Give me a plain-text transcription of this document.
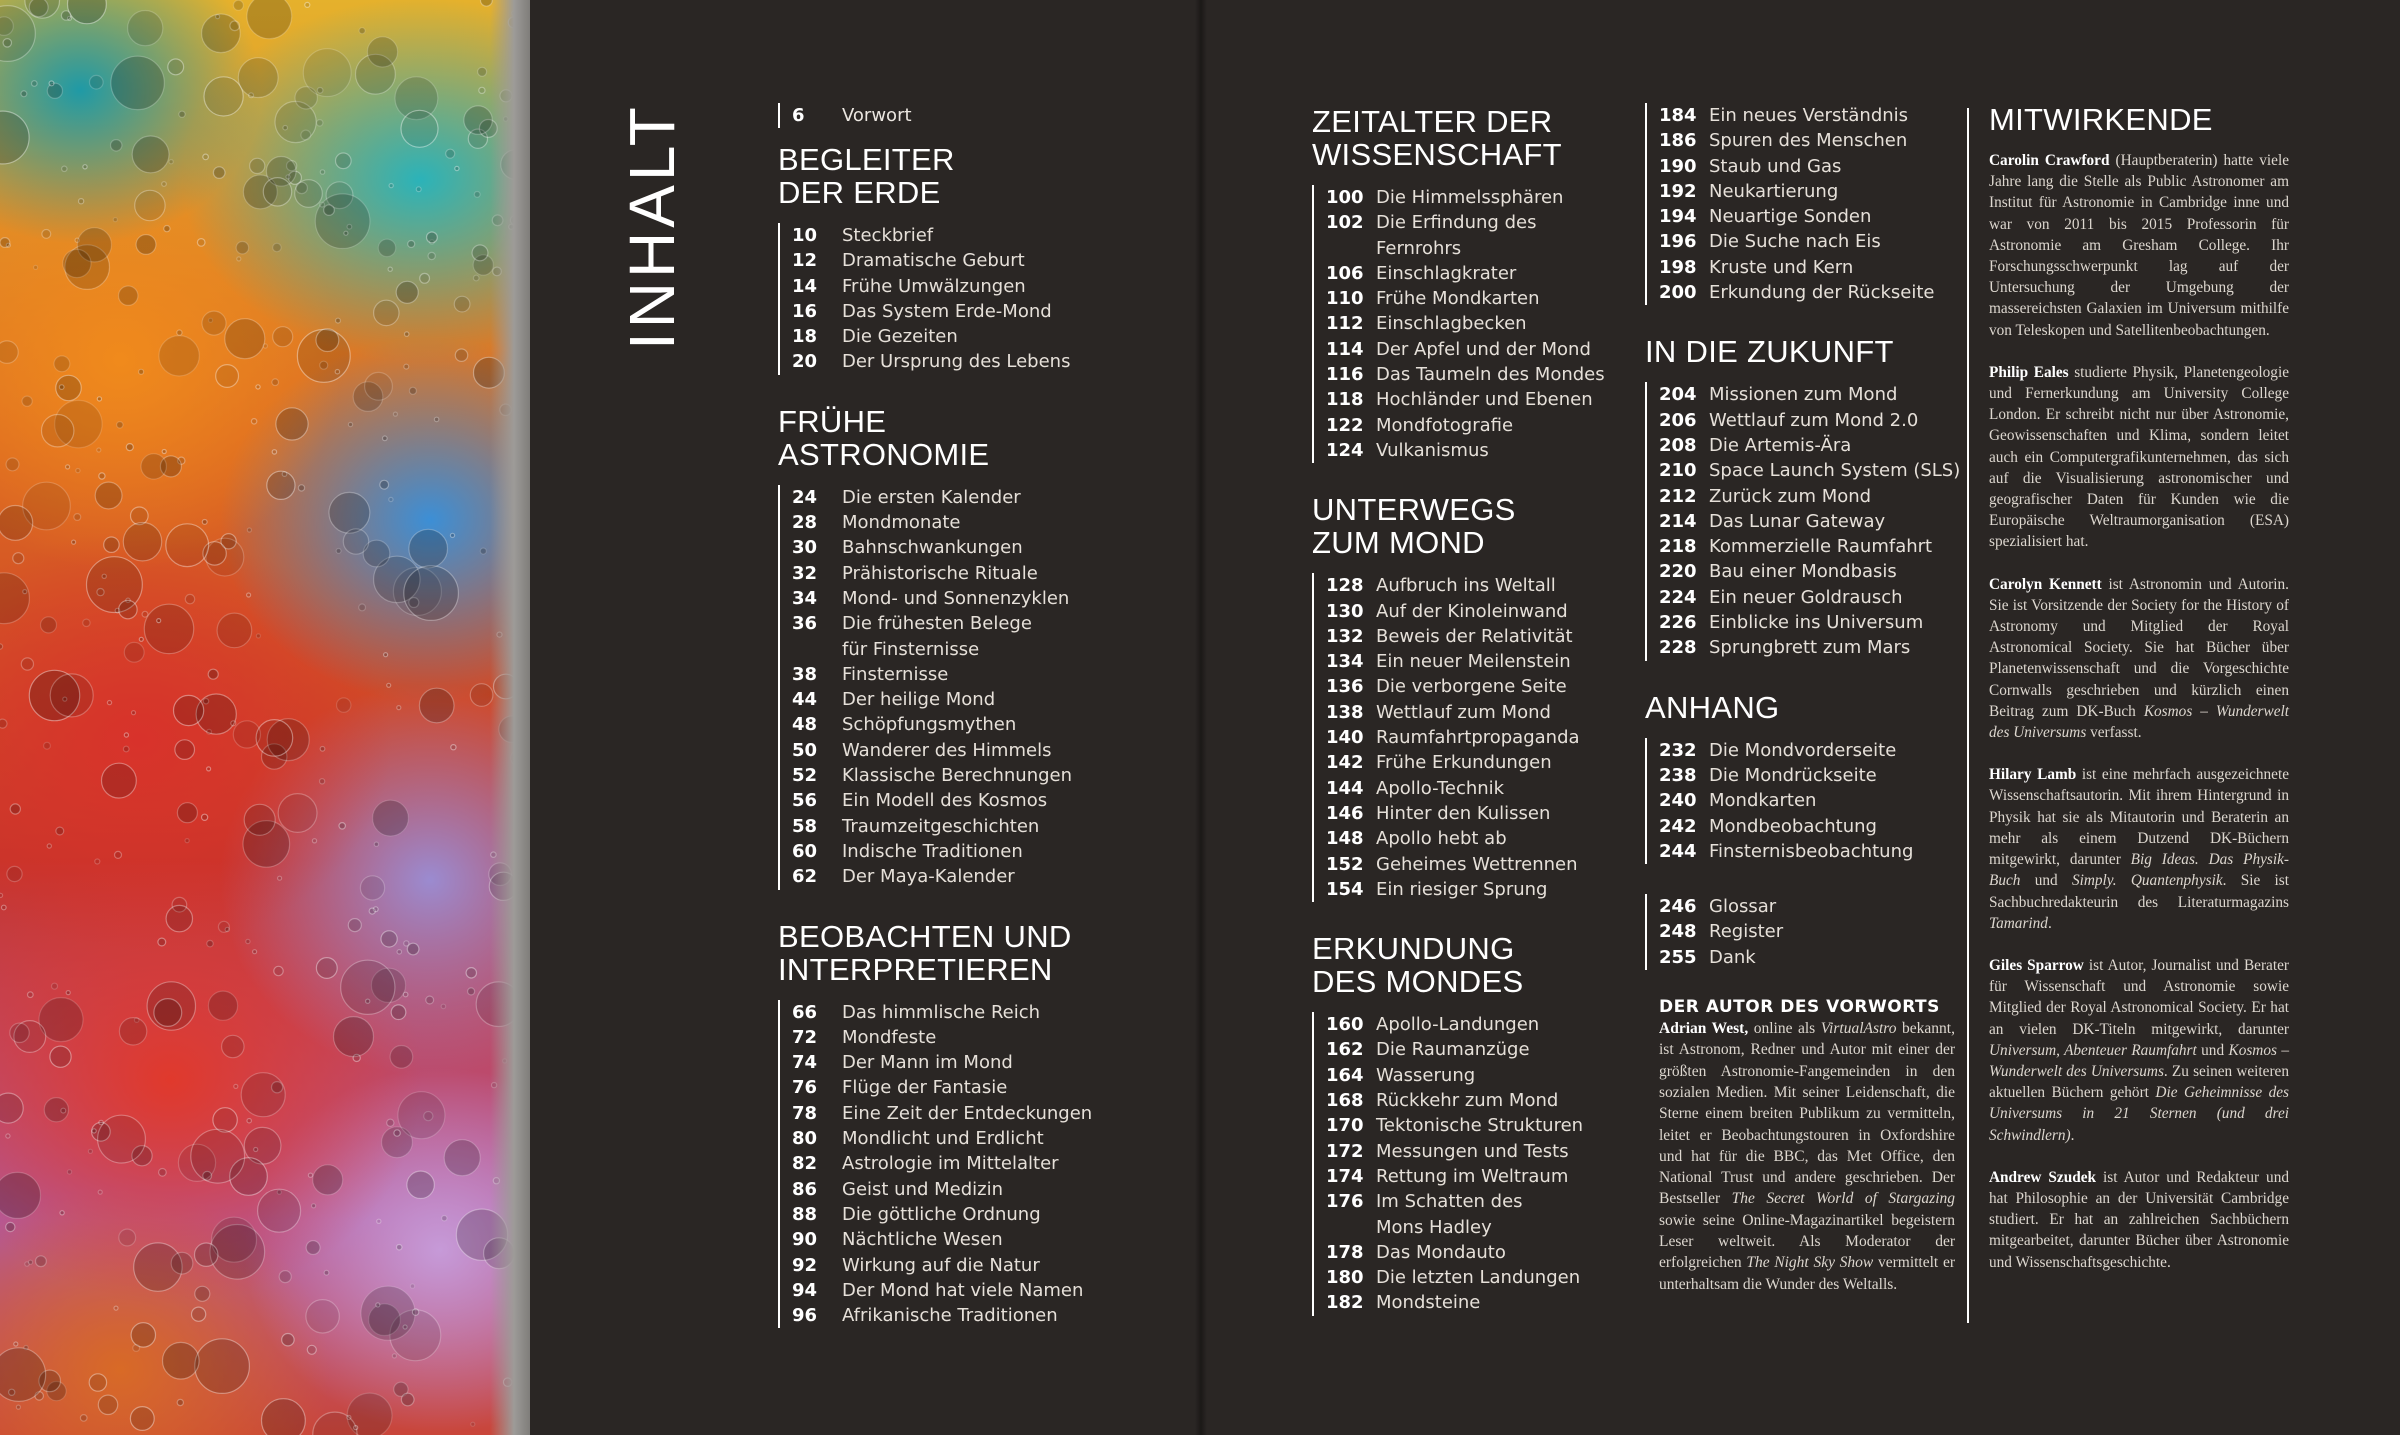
INHALT	6	Vorwort
BEGLEITER
DER ERDE
10	Steckbrief
12	Dramatische Geburt
14	Frühe Umwälzungen
16	Das System Erde-Mond
18	Die Gezeiten
20	Der Ursprung des Lebens
FRÜHE
ASTRONOMIE
24	Die ersten Kalender
28	Mondmonate
30	Bahnschwankungen
32	Prähistorische Rituale
34	Mond- und Sonnenzyklen
36	Die frühesten Belege
für Finsternisse
38	Finsternisse
44	Der heilige Mond
48	Schöpfungsmythen
50	Wanderer des Himmels
52	Klassische Berechnungen
56	Ein Modell des Kosmos
58	Traumzeitgeschichten
60	Indische Traditionen
62	Der Maya-Kalender
BEOBACHTEN UND
INTERPRETIEREN
66	Das himmlische Reich
72	Mondfeste
74	Der Mann im Mond
76	Flüge der Fantasie
78	Eine Zeit der Entdeckungen
80	Mondlicht und Erdlicht
82	Astrologie im Mittelalter
86	Geist und Medizin
88	Die göttliche Ordnung
90	Nächtliche Wesen
92	Wirkung auf die Natur
94	Der Mond hat viele Namen
96	Afrikanische Traditionen
ZEITALTER DER
WISSENSCHAFT
100 Die Himmelssphären
102 Die Erfindung des
Fernrohrs
106 Einschlagkrater
110 Frühe Mondkarten
112 Einschlagbecken
114 Der Apfel und der Mond
116 Das Taumeln des Mondes
118 Hochländer und Ebenen
122 Mondfotografie
124 Vulkanismus
UNTERWEGS
ZUM MOND
128 Aufbruch ins Weltall
130 Auf der Kinoleinwand
132 Beweis der Relativität
134 Ein neuer Meilenstein
136 Die verborgene Seite
138 Wettlauf zum Mond
140 Raumfahrtpropaganda
142 Frühe Erkundungen
144 Apollo-Technik
146 Hinter den Kulissen
148 Apollo hebt ab
152 Geheimes Wettrennen
154 Ein riesiger Sprung
ERKUNDUNG
DES MONDES
160 Apollo-Landungen
162 Die Raumanzüge
164 Wasserung
168 Rückkehr zum Mond
170 Tektonische Strukturen
172 Messungen und Tests
174 Rettung im Weltraum
176 Im Schatten des
Mons Hadley
178 Das Mondauto
180 Die letzten Landungen
182 Mondsteine
184 Ein neues Verständnis
186 Spuren des Menschen
190 Staub und Gas
192 Neukartierung
194 Neuartige Sonden
196 Die Suche nach Eis
198 Kruste und Kern
200 Erkundung der Rückseite
IN DIE ZUKUNFT
204 Missionen zum Mond
206 Wettlauf zum Mond 2.0
208 Die Artemis-Ära
210 Space Launch System (SLS)
212 Zurück zum Mond
214 Das Lunar Gateway
218 Kommerzielle Raumfahrt
220 Bau einer Mondbasis
224 Ein neuer Goldrausch
226 Einblicke ins Universum
228 Sprungbrett zum Mars
ANHANG
232 Die Mondvorderseite
238 Die Mondrückseite
240 Mondkarten
242 Mondbeobachtung
244 Finsternisbeobachtung
246 Glossar
248 Register
255 Dank
DER AUTOR DES VORWORTS

Adrian West, online als VirtualAstro bekannt, ist Astronom, Redner und Autor mit einer der größten Astronomie-Fangemeinden in den sozialen Medien. Mit seiner Leidenschaft, die Sterne einem breiten Publikum zu vermitteln, leitet er Beobachtungstouren in Oxfordshire und hat für die BBC, das Met Office, den National Trust und andere geschrieben. Der Bestseller The Secret World of Stargazing sowie seine Online-Magazinartikel begeistern Leser weltweit. Als Moderator der erfolgreichen The Night Sky Show vermittelt er unterhaltsam die Wunder des Weltalls.

MITWIRKENDE

Carolin Crawford (Hauptberaterin) hatte viele Jahre lang die Stelle als Public Astronomer am Institut für Astronomie in Cambridge inne und war von 2011 bis 2015 Professorin für Astronomie am Gresham College. Ihr Forschungsschwerpunkt lag auf der Untersuchung der Umgebung der massereichsten Galaxien im Universum mithilfe von Teleskopen und Satellitenbeobachtungen.

Philip Eales studierte Physik, Planetengeologie und Fernerkundung am University College London. Er schreibt nicht nur über Astronomie, Geowissenschaften und Klima, sondern leitet auch ein Computergrafikunternehmen, das sich auf die Visualisierung astronomischer und geografischer Daten für Kunden wie die Europäische Weltraumorganisation (ESA) spezialisiert hat.

Carolyn Kennett ist Astronomin und Autorin. Sie ist Vorsitzende der Society for the History of Astronomy und Mitglied der Royal Astronomical Society. Sie hat Bücher über Planetenwissenschaft und die Vorgeschichte Cornwalls geschrieben und kürzlich einen Beitrag zum DK-Buch Kosmos – Wunderwelt des Universums verfasst.

Hilary Lamb ist eine mehrfach ausgezeichnete Wissenschaftsautorin. Mit ihrem Hintergrund in Physik hat sie als Mitautorin und Beraterin an mehr als einem Dutzend DK-Büchern mitgewirkt, darunter Big Ideas. Das Physik-Buch und Simply. Quantenphysik. Sie ist Sachbuchredakteurin des Literaturmagazins Tamarind.

Giles Sparrow ist Autor, Journalist und Berater für Wissenschaft und Astronomie sowie Mitglied der Royal Astronomical Society. Er hat an vielen DK-Titeln mitgewirkt, darunter Universum, Abenteuer Raumfahrt und Kosmos – Wunderwelt des Universums. Zu seinen weiteren aktuellen Büchern gehört Die Geheimnisse des Universums in 21 Sternen (und drei Schwindlern).

Andrew Szudek ist Autor und Redakteur und hat Philosophie an der Universität Cambridge studiert. Er hat an zahlreichen Sachbüchern mitgearbeitet, darunter Bücher über Astronomie und Wissenschaftsgeschichte.
